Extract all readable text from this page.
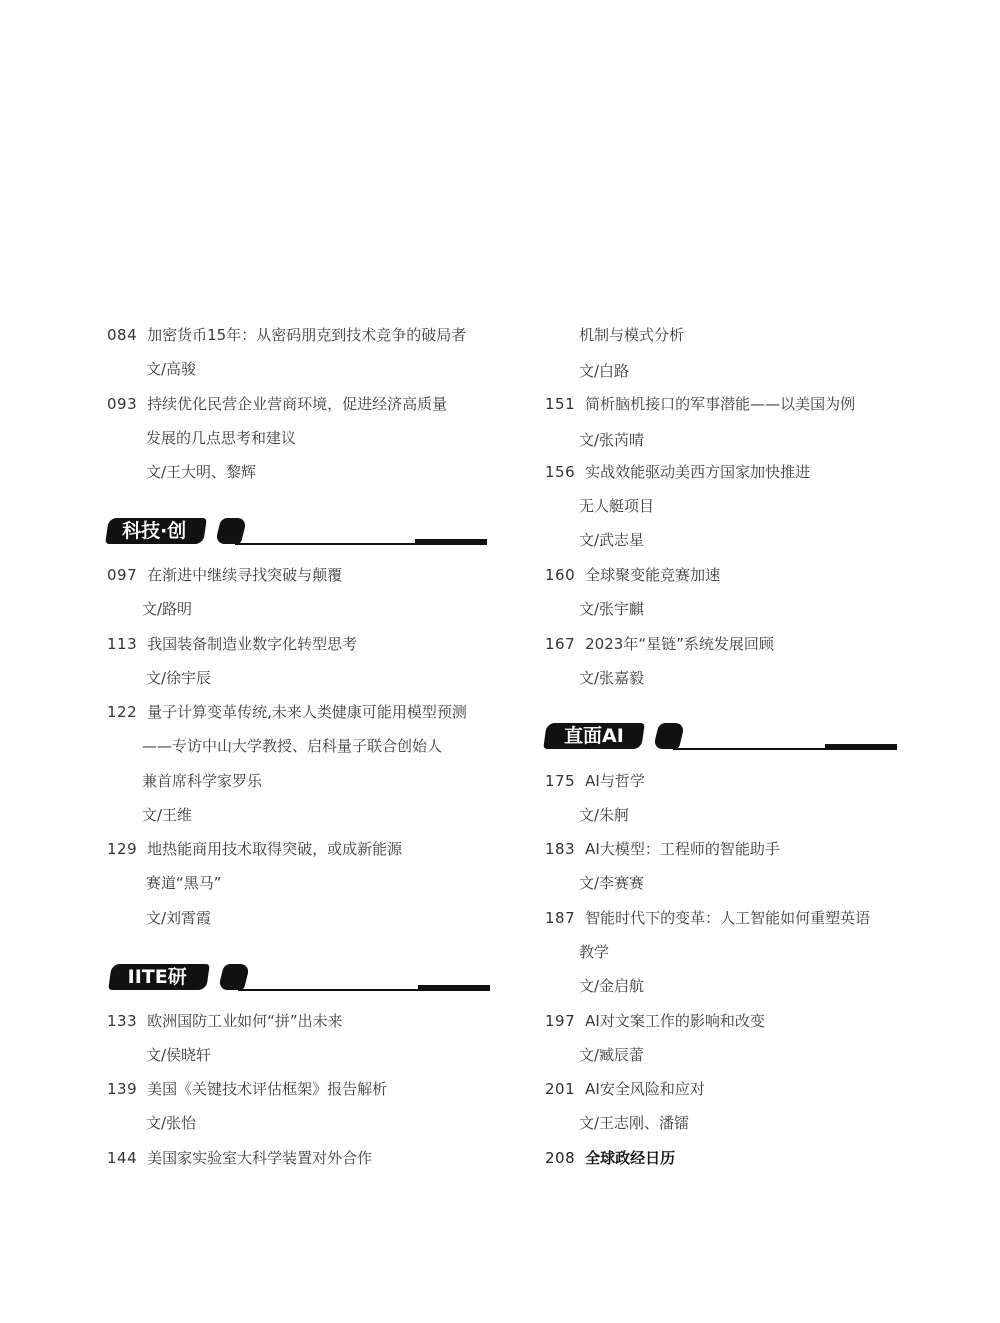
084 加密货币15年：从密码朋克到技术竞争的破局者
文/高骏
093 持续优化民营企业营商环境，促进经济高质量
发展的几点思考和建议
文/王大明、黎辉
科技·创新
097 在渐进中继续寻找突破与颠覆
文/路明
113 我国装备制造业数字化转型思考
文/徐宇辰
122 量子计算变革传统,未来人类健康可能用模型预测
——专访中山大学教授、启科量子联合创始人
兼首席科学家罗乐
文/王维
129 地热能商用技术取得突破，或成新能源
赛道“黑马”
文/刘霄霞
IITE研究
133 欧洲国防工业如何“拼”出未来
文/侯晓轩
139 美国《关键技术评估框架》报告解析
文/张怡
144 美国家实验室大科学装置对外合作
机制与模式分析
文/白路
151 简析脑机接口的军事潜能——以美国为例
文/张芮晴
156 实战效能驱动美西方国家加快推进
无人艇项目
文/武志星
160 全球聚变能竞赛加速
文/张宇麒
167 2023年“星链”系统发展回顾
文/张嘉毅
直面AI
175 AI与哲学
文/朱舸
183 AI大模型：工程师的智能助手
文/李赛赛
187 智能时代下的变革：人工智能如何重塑英语
教学
文/金启航
197 AI对文案工作的影响和改变
文/臧辰蕾
201 AI安全风险和应对
文/王志刚、潘镭
208 全球政经日历
